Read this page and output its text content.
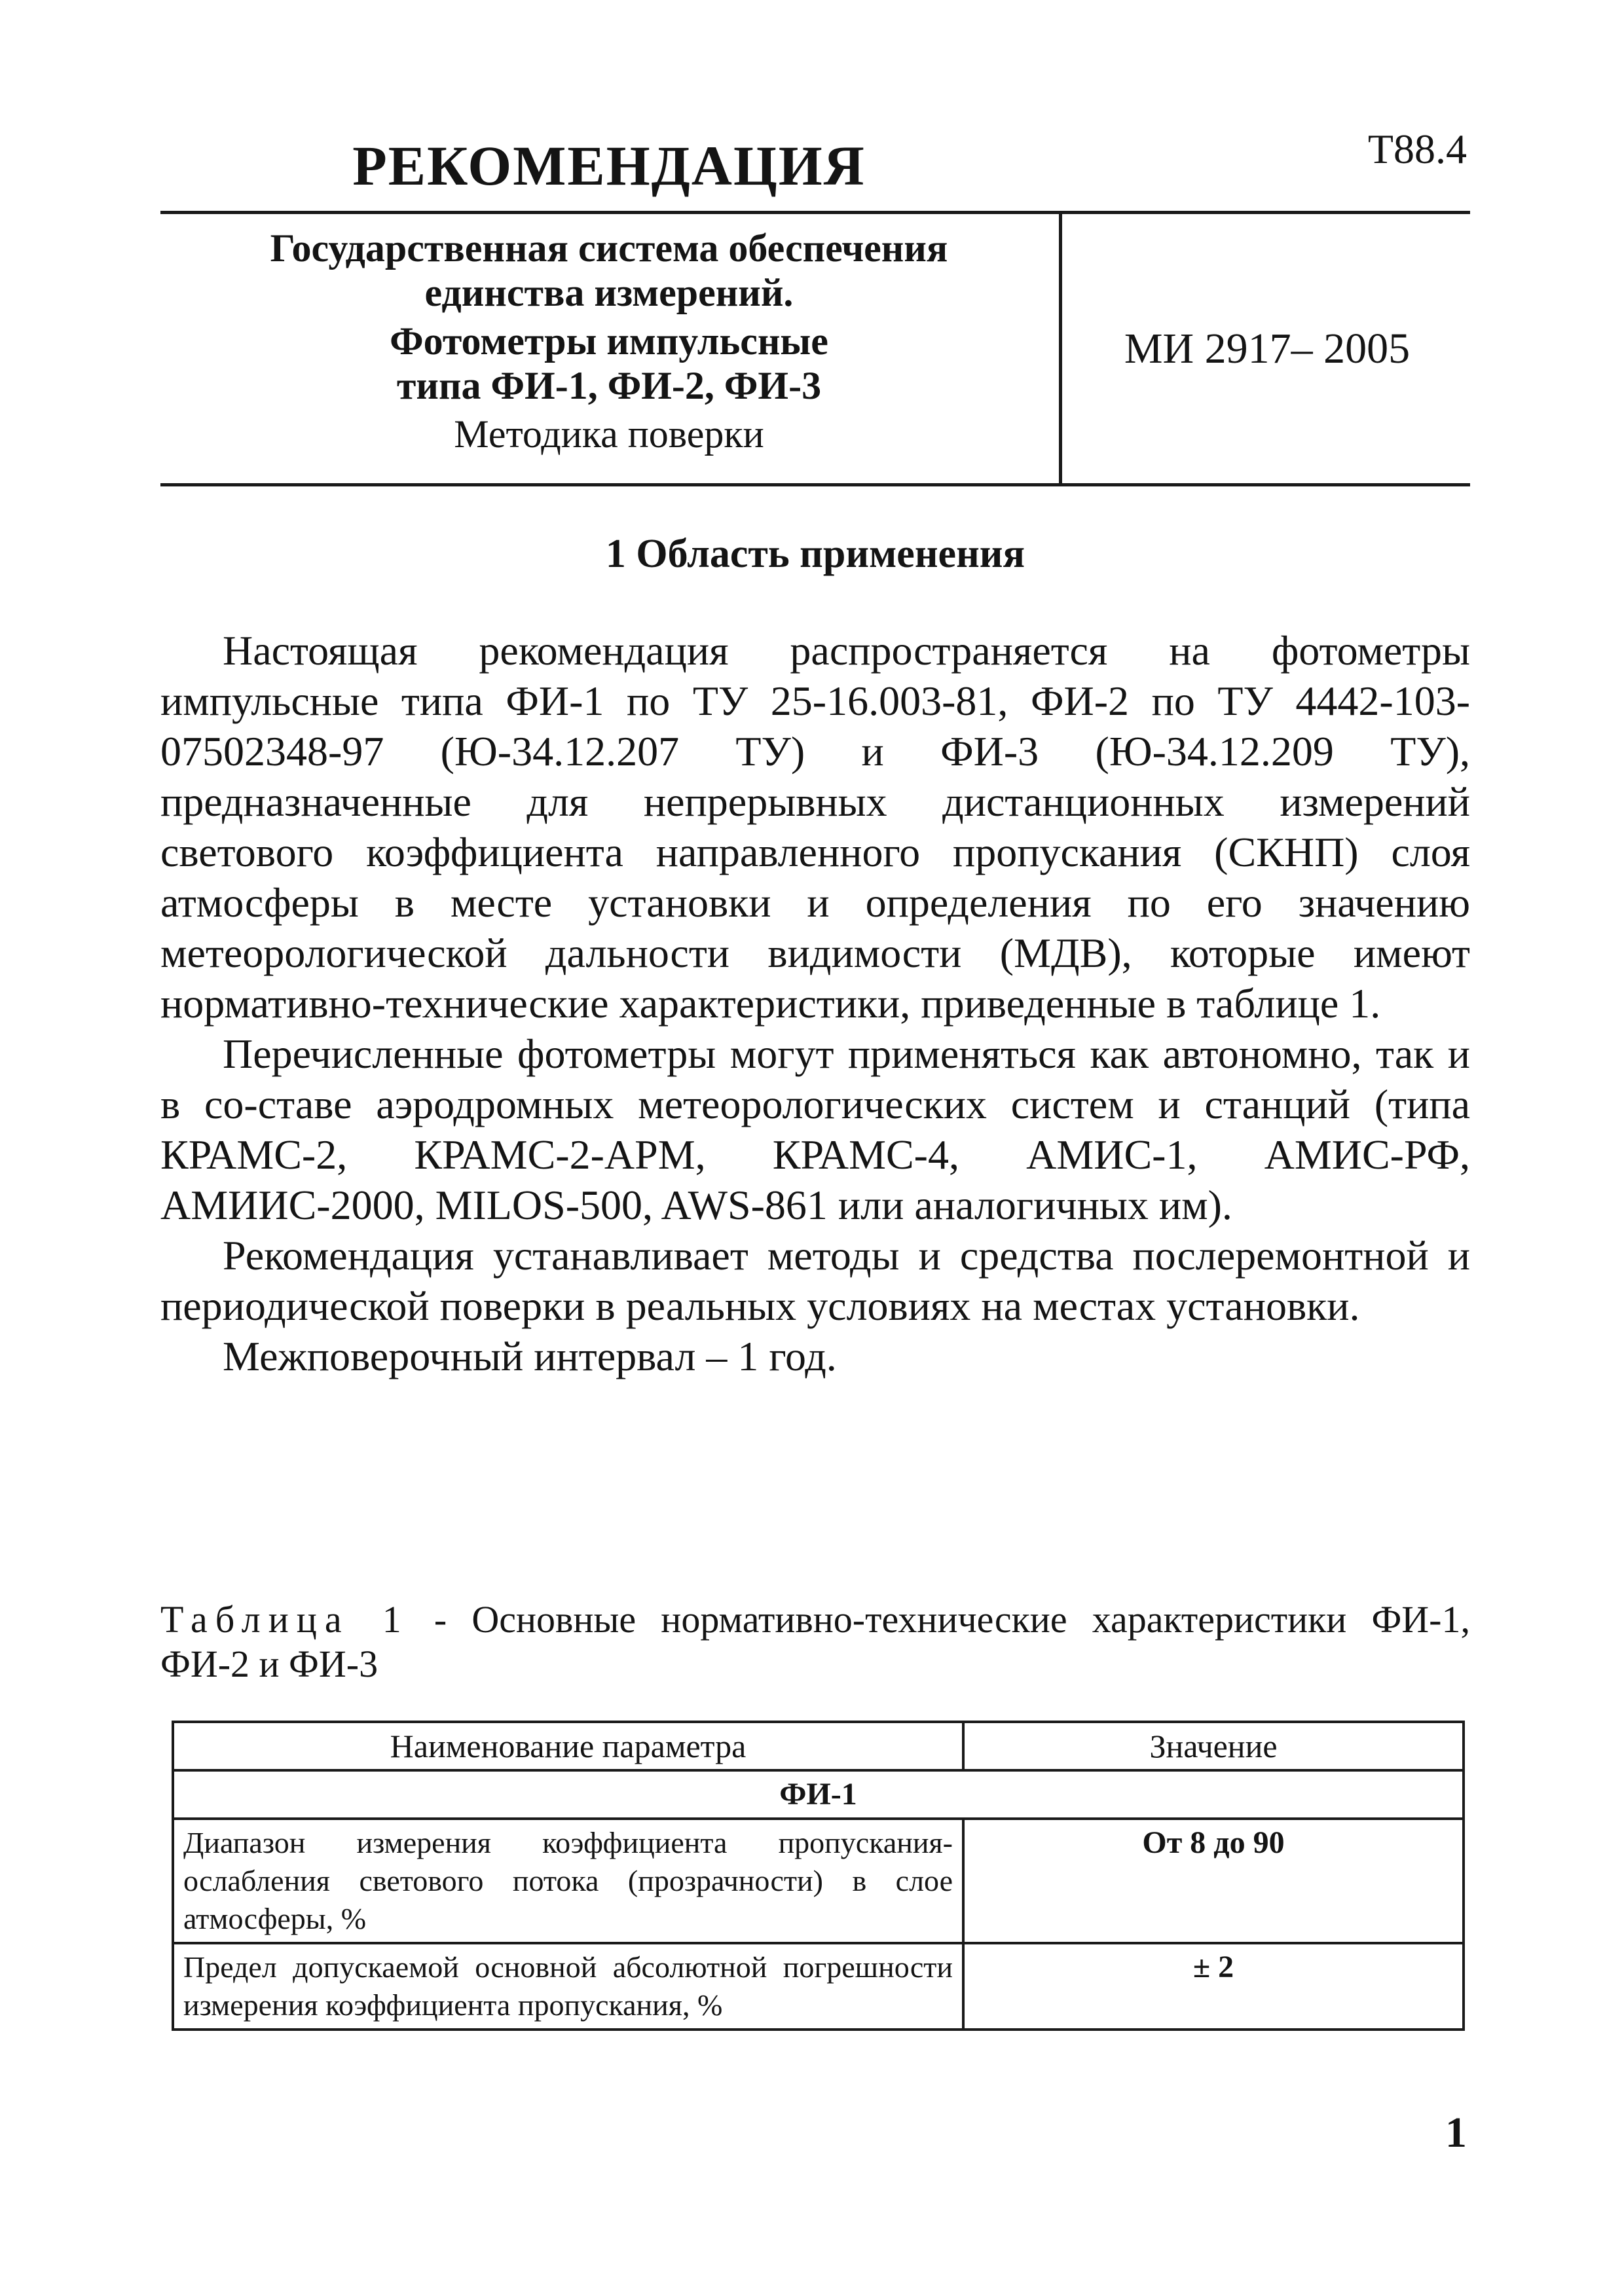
РЕКОМЕНДАЦИЯ	Т88.4
Государственная система обеспечения
единства измерений.
Фотометры импульсные
типа ФИ-1, ФИ-2, ФИ-3
Методика поверки
МИ 2917– 2005
1 Область применения

Настоящая рекомендация распространяется на фотометры импульсные типа ФИ-1 по ТУ 25-16.003-81, ФИ-2 по ТУ 4442-103-07502348-97 (Ю-34.12.207 ТУ) и ФИ-3 (Ю-34.12.209 ТУ), предназначенные для непрерывных дистанционных измерений светового коэффициента направленного пропускания (СКНП) слоя атмосферы в месте установки и определения по его значению метеорологической дальности видимости (МДВ), которые имеют нормативно-технические характеристики, приведенные в таблице 1.

Перечисленные фотометры могут применяться как автономно, так и в со-ставе аэродромных метеорологических систем и станций (типа КРАМС-2, КРАМС-2-АРМ, КРАМС-4, АМИС-1, АМИС-РФ, АМИИС-2000, MILOS-500, AWS-861 или аналогичных им).

Рекомендация устанавливает методы и средства послеремонтной и периодической поверки в реальных условиях на местах установки.

Межповерочный интервал – 1 год.

Таблица 1 - Основные нормативно-технические характеристики ФИ-1, ФИ-2 и ФИ-3
Наименование параметра	Значение
ФИ-1	
Диапазон измерения коэффициента пропускания-ослабления светового потока (прозрачности) в слое атмосферы, %	От 8 до 90
Предел допускаемой основной абсолютной погрешности измерения коэффициента пропускания, %	± 2
1
